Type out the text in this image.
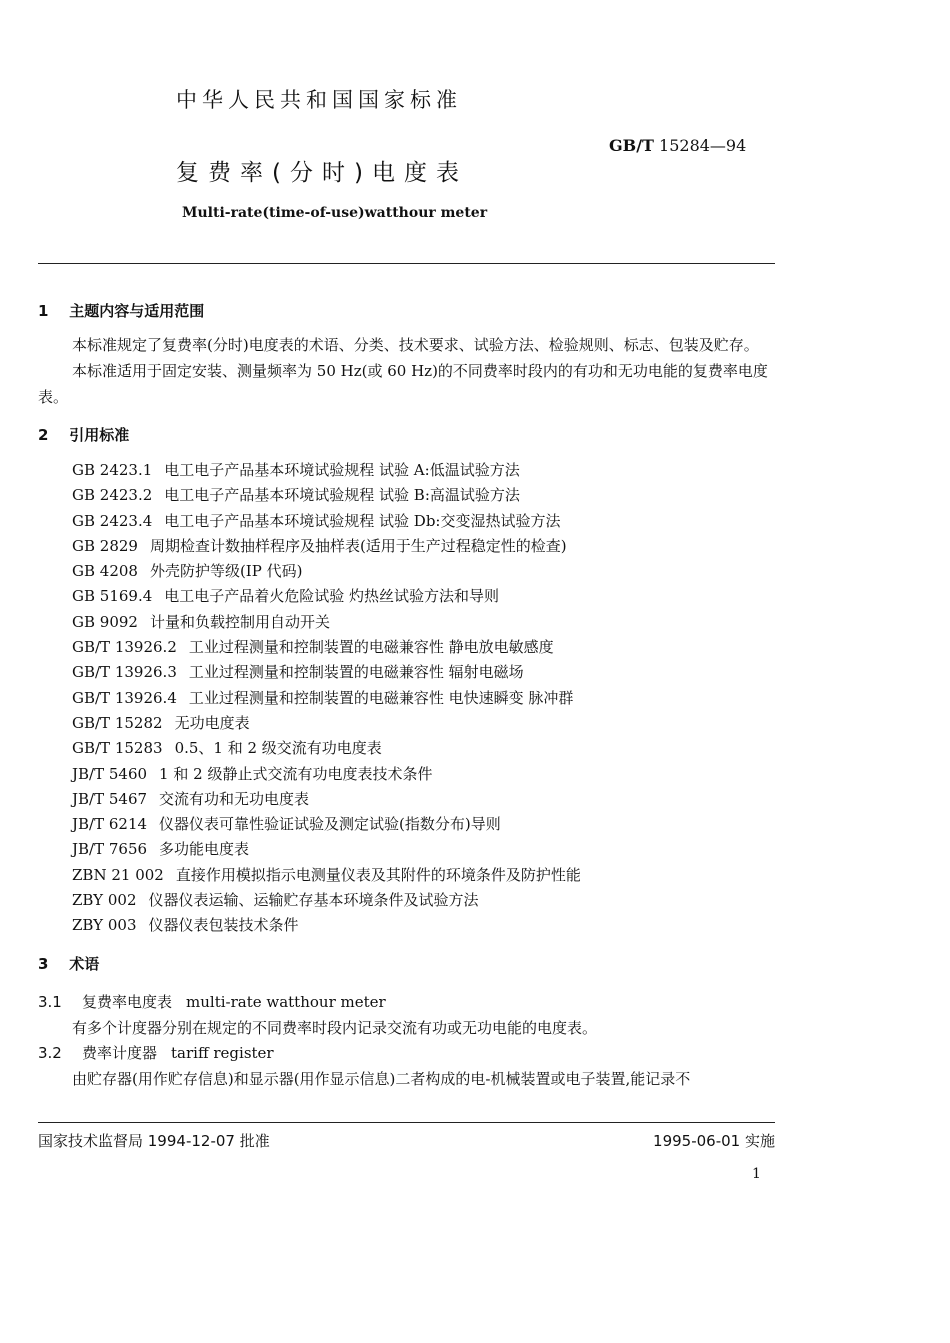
中华人民共和国国家标准
GB/T 15284—94
复费率(分时)电度表
Multi-rate(time-of-use)watthour meter
1 主题内容与适用范围

本标准规定了复费率(分时)电度表的术语、分类、技术要求、试验方法、检验规则、标志、包装及贮存。

本标准适用于固定安装、测量频率为 50 Hz(或 60 Hz)的不同费率时段内的有功和无功电能的复费率电度表。

2 引用标准
GB 2423.1 电工电子产品基本环境试验规程 试验 A:低温试验方法
GB 2423.2 电工电子产品基本环境试验规程 试验 B:高温试验方法
GB 2423.4 电工电子产品基本环境试验规程 试验 Db:交变湿热试验方法
GB 2829 周期检查计数抽样程序及抽样表(适用于生产过程稳定性的检查)
GB 4208 外壳防护等级(IP 代码)
GB 5169.4 电工电子产品着火危险试验 灼热丝试验方法和导则
GB 9092 计量和负载控制用自动开关
GB/T 13926.2 工业过程测量和控制装置的电磁兼容性 静电放电敏感度
GB/T 13926.3 工业过程测量和控制装置的电磁兼容性 辐射电磁场
GB/T 13926.4 工业过程测量和控制装置的电磁兼容性 电快速瞬变 脉冲群
GB/T 15282 无功电度表
GB/T 15283 0.5、1 和 2 级交流有功电度表
JB/T 5460 1 和 2 级静止式交流有功电度表技术条件
JB/T 5467 交流有功和无功电度表
JB/T 6214 仪器仪表可靠性验证试验及测定试验(指数分布)导则
JB/T 7656 多功能电度表
ZBN 21 002 直接作用模拟指示电测量仪表及其附件的环境条件及防护性能
ZBY 002 仪器仪表运输、运输贮存基本环境条件及试验方法
ZBY 003 仪器仪表包装技术条件
3 术语

3.1 复费率电度表 multi-rate watthour meter

有多个计度器分别在规定的不同费率时段内记录交流有功或无功电能的电度表。

3.2 费率计度器 tariff register

由贮存器(用作贮存信息)和显示器(用作显示信息)二者构成的电-机械装置或电子装置,能记录不

国家技术监督局 1994-12-07 批准	1995-06-01 实施
1
